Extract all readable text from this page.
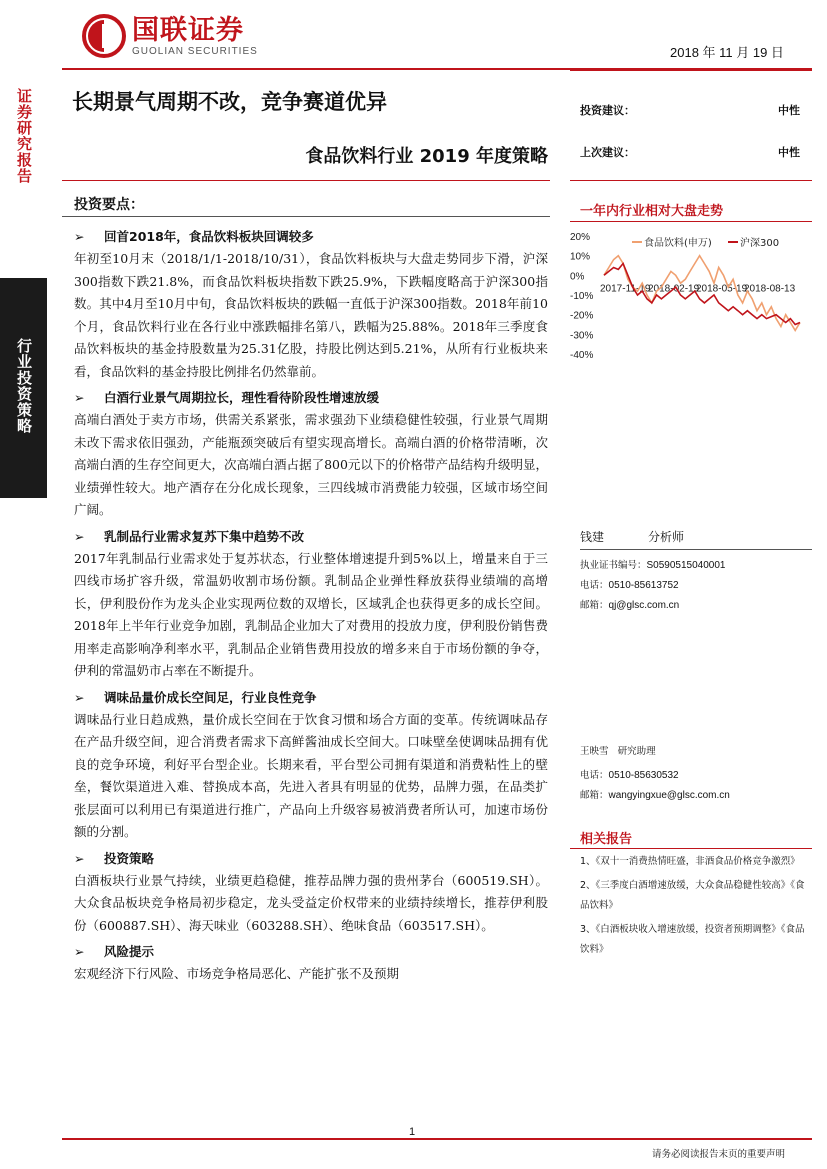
证券研究报告
行业投资策略
国联证券
GUOLIAN SECURITIES	2018 年 11 月 19 日
长期景气周期不改，竞争赛道优异
食品饮料行业 2019 年度策略
投资建议：	中性
上次建议：	中性
投资要点：
➢ 回首2018年，食品饮料板块回调较多
年初至10月末（2018/1/1-2018/10/31），食品饮料板块与大盘走势同步下滑，沪深300指数下跌21.8%，而食品饮料板块指数下跌25.9%，下跌幅度略高于沪深300指数。其中4月至10月中旬，食品饮料板块的跌幅一直低于沪深300指数。2018年前10个月，食品饮料行业在各行业中涨跌幅排名第八，跌幅为25.88%。2018年三季度食品饮料板块的基金持股数量为25.31亿股，持股比例达到5.21%，从所有行业板块来看，食品饮料的基金持股比例排名仍然靠前。
➢ 白酒行业景气周期拉长，理性看待阶段性增速放缓
高端白酒处于卖方市场，供需关系紧张，需求强劲下业绩稳健性较强，行业景气周期未改下需求依旧强劲，产能瓶颈突破后有望实现高增长。高端白酒的价格带清晰，次高端白酒的生存空间更大，次高端白酒占据了800元以下的价格带产品结构升级明显，业绩弹性较大。地产酒存在分化成长现象，三四线城市消费能力较强，区域市场空间广阔。
➢ 乳制品行业需求复苏下集中趋势不改
2017年乳制品行业需求处于复苏状态，行业整体增速提升到5%以上，增量来自于三四线市场扩容升级，常温奶收割市场份额。乳制品企业弹性释放获得业绩端的高增长，伊利股份作为龙头企业实现两位数的双增长，区域乳企也获得更多的成长空间。2018年上半年行业竞争加剧，乳制品企业加大了对费用的投放力度，伊利股份销售费用率走高影响净利率水平，乳制品企业销售费用投放的增多来自于市场份额的争夺，伊利的常温奶市占率在不断提升。
➢ 调味品量价成长空间足，行业良性竞争
调味品行业日趋成熟，量价成长空间在于饮食习惯和场合方面的变革。传统调味品存在产品升级空间，迎合消费者需求下高鲜酱油成长空间大。口味壁垒使调味品拥有优良的竞争环境，利好平台型企业。长期来看，平台型公司拥有渠道和消费粘性上的壁垒，餐饮渠道进入难、替换成本高，先进入者具有明显的优势，品牌力强，在品类扩张层面可以利用已有渠道进行推广，产品向上升级容易被消费者所认可，加速市场份额的分割。
➢ 投资策略
白酒板块行业景气持续，业绩更趋稳健，推荐品牌力强的贵州茅台（600519.SH）。大众食品板块竞争格局初步稳定，龙头受益定价权带来的业绩持续增长，推荐伊利股份（600887.SH）、海天味业（603288.SH）、绝味食品（603517.SH）。
➢ 风险提示
宏观经济下行风险、市场竞争格局恶化、产能扩张不及预期
一年内行业相对大盘走势
20%
10%
0%
-10%
-20%
-30%
-40%
2017-11-19
2018-02-19
2018-05-19
2018-08-13
食品饮料(申万)	沪深300
钱建	分析师
执业证书编号：S0590515040001
电话：0510-85613752
邮箱：qj@glsc.com.cn
王映雪 研究助理
电话：0510-85630532
邮箱：wangyingxue@glsc.com.cn
相关报告
1、《双十一消费热情旺盛，非酒食品价格竞争激烈》
2、《三季度白酒增速放缓，大众食品稳健性较高》《食品饮料》
3、《白酒板块收入增速放缓，投资者预期调整》《食品饮料》
1
请务必阅读报告末页的重要声明
